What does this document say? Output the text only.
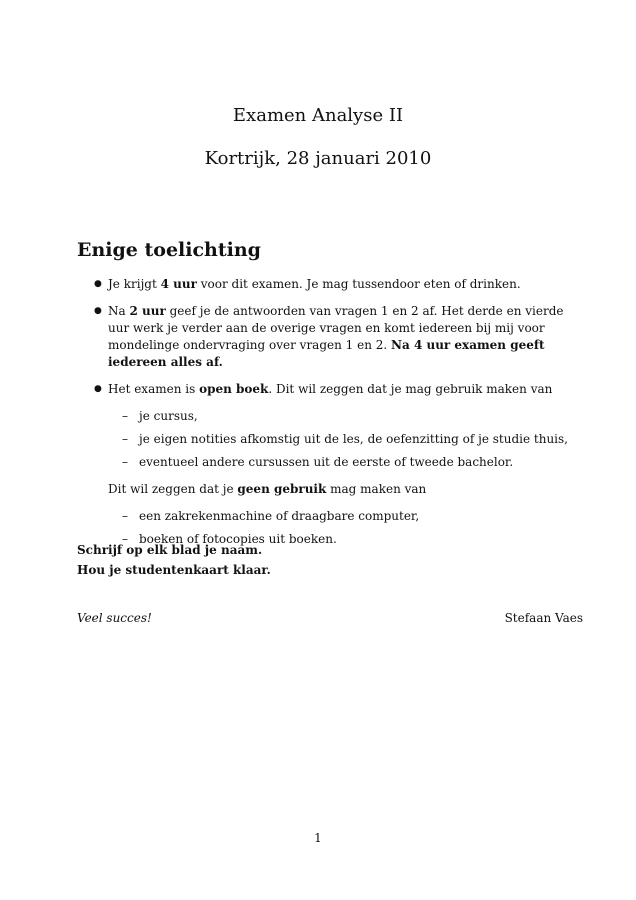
Examen Analyse II
Kortrijk, 28 januari 2010
Enige toelichting
● Je krijgt 4 uur voor dit examen. Je mag tussendoor eten of drinken.
● Na 2 uur geef je de antwoorden van vragen 1 en 2 af. Het derde en vierde uur werk je verder aan de overige vragen en komt iedereen bij mij voor mondelinge ondervraging over vragen 1 en 2. Na 4 uur examen geeft iedereen alles af.
● Het examen is open boek. Dit wil zeggen dat je mag gebruik maken van
– je cursus,
– je eigen notities afkomstig uit de les, de oefenzitting of je studie thuis,
– eventueel andere cursussen uit de eerste of tweede bachelor.

Dit wil zeggen dat je geen gebruik mag maken van

– een zakrekenmachine of draagbare computer,
– boeken of fotocopies uit boeken.
Schrijf op elk blad je naam.
Hou je studentenkaart klaar.
Veel succes!	Stefaan Vaes
1
